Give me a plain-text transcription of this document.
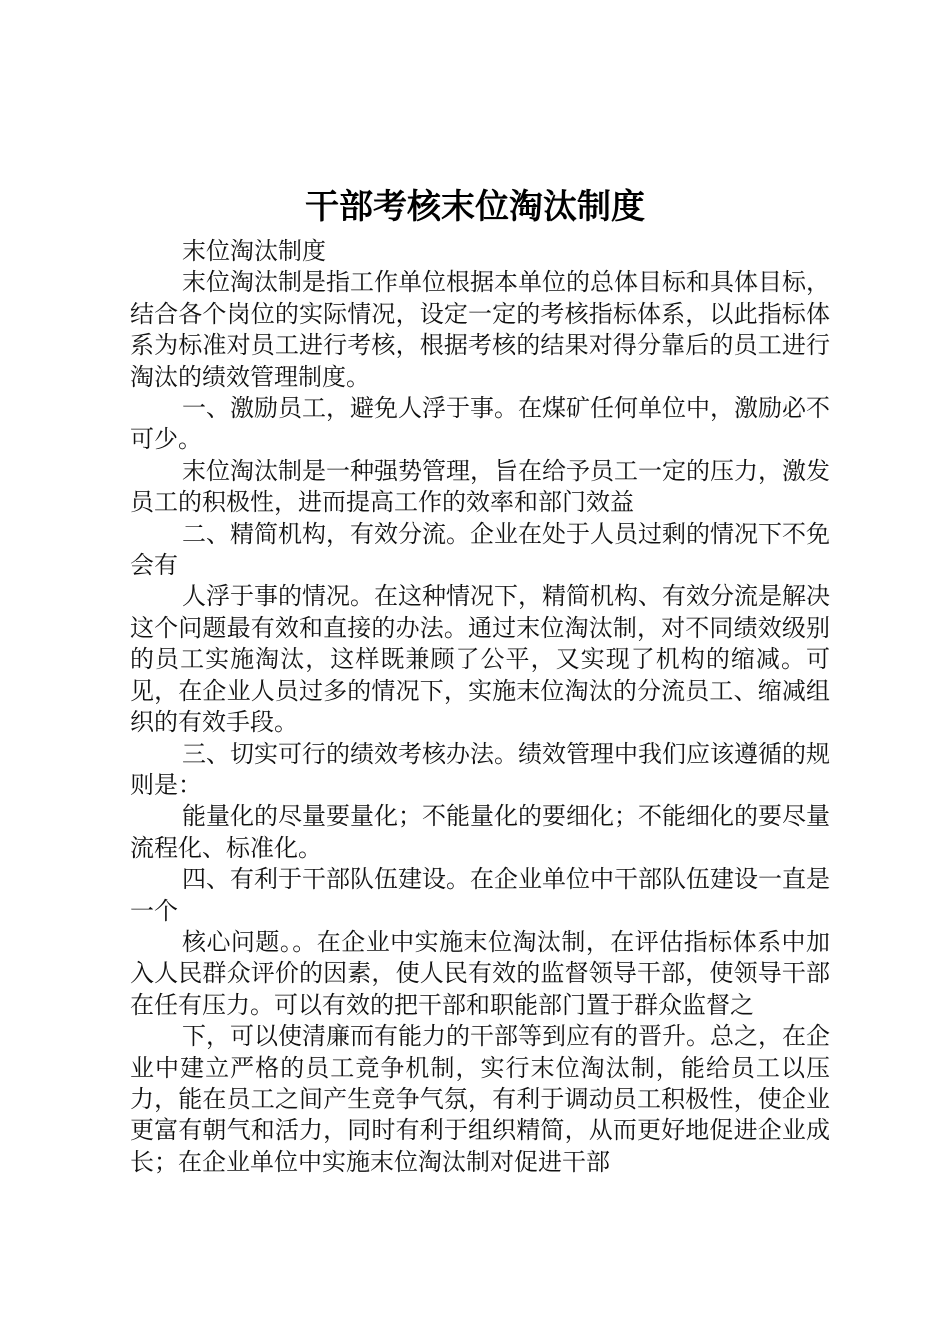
干部考核末位淘汰制度

末位淘汰制度

末位淘汰制是指工作单位根据本单位的总体目标和具体目标，结合各个岗位的实际情况，设定一定的考核指标体系，以此指标体系为标准对员工进行考核，根据考核的结果对得分靠后的员工进行淘汰的绩效管理制度。

一、激励员工，避免人浮于事。在煤矿任何单位中，激励必不可少。

末位淘汰制是一种强势管理，旨在给予员工一定的压力，激发员工的积极性，进而提高工作的效率和部门效益

二、精简机构，有效分流。企业在处于人员过剩的情况下不免会有

人浮于事的情况。在这种情况下，精简机构、有效分流是解决这个问题最有效和直接的办法。通过末位淘汰制，对不同绩效级别的员工实施淘汰，这样既兼顾了公平，又实现了机构的缩减。可见，在企业人员过多的情况下，实施末位淘汰的分流员工、缩减组织的有效手段。

三、切实可行的绩效考核办法。绩效管理中我们应该遵循的规则是：

能量化的尽量要量化；不能量化的要细化；不能细化的要尽量流程化、标准化。

四、有利于干部队伍建设。在企业单位中干部队伍建设一直是一个

核心问题。。在企业中实施末位淘汰制，在评估指标体系中加入人民群众评价的因素，使人民有效的监督领导干部，使领导干部在任有压力。可以有效的把干部和职能部门置于群众监督之

下，可以使清廉而有能力的干部等到应有的晋升。总之，在企业中建立严格的员工竞争机制，实行末位淘汰制，能给员工以压力，能在员工之间产生竞争气氛，有利于调动员工积极性，使企业更富有朝气和活力，同时有利于组织精简，从而更好地促进企业成长；在企业单位中实施末位淘汰制对促进干部
